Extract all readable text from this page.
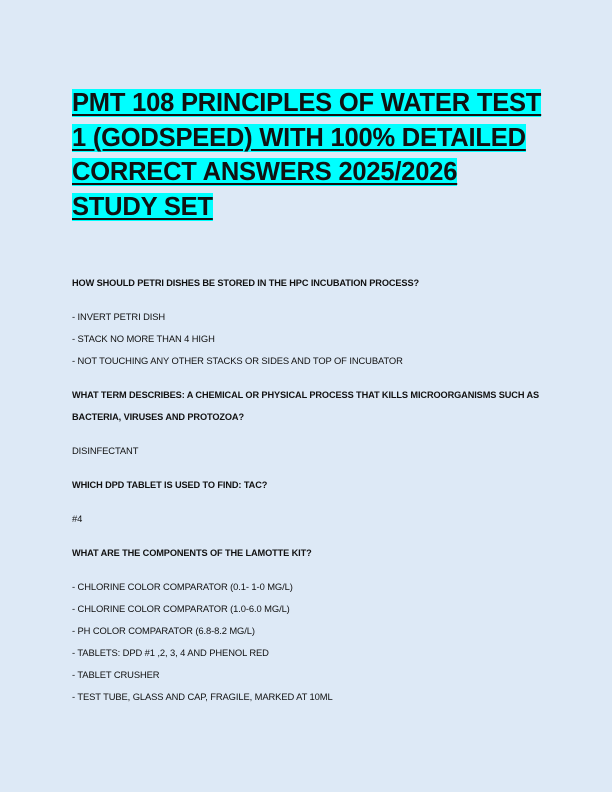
PMT 108 PRINCIPLES OF WATER TEST 1 (GODSPEED) WITH 100% DETAILED CORRECT ANSWERS 2025/2026 STUDY SET

HOW SHOULD PETRI DISHES BE STORED IN THE HPC INCUBATION PROCESS?

- INVERT PETRI DISH
- STACK NO MORE THAN 4 HIGH
- NOT TOUCHING ANY OTHER STACKS OR SIDES AND TOP OF INCUBATOR

WHAT TERM DESCRIBES: A CHEMICAL OR PHYSICAL PROCESS THAT KILLS MICROORGANISMS SUCH AS BACTERIA, VIRUSES AND PROTOZOA?

DISINFECTANT

WHICH DPD TABLET IS USED TO FIND: TAC?

#4

WHAT ARE THE COMPONENTS OF THE LAMOTTE KIT?

- CHLORINE COLOR COMPARATOR (0.1- 1-0 MG/L)
- CHLORINE COLOR COMPARATOR (1.0-6.0 MG/L)
- PH COLOR COMPARATOR (6.8-8.2 MG/L)
- TABLETS: DPD #1 ,2, 3, 4 AND PHENOL RED
- TABLET CRUSHER
- TEST TUBE, GLASS AND CAP, FRAGILE, MARKED AT 10ML
